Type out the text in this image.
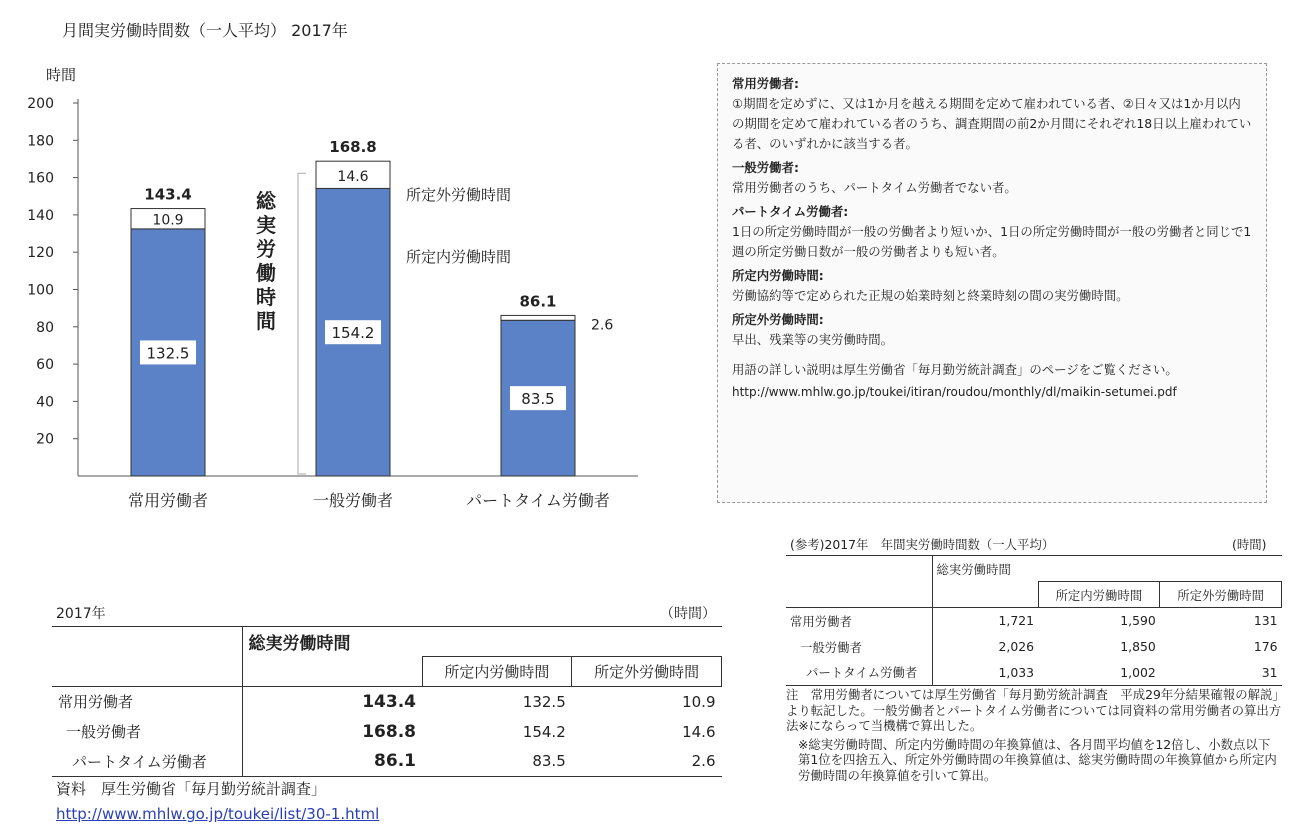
月間実労働時間数（一人平均） 2017年
時間
20
40
60
80
100
120
140
160
180
200
132.5
10.9
143.4
常用労働者
154.2
14.6
168.8
一般労働者
83.5
2.6
86.1
パートタイム労働者
所定外労働時間
所定内労働時間
総実労働時間
常用労働者:
①期間を定めずに、又は1か月を越える期間を定めて雇われている者、②日々又は1か月以内の期間を定めて雇われている者のうち、調査期間の前2か月間にそれぞれ18日以上雇われている者、のいずれかに該当する者。
一般労働者:
常用労働者のうち、パートタイム労働者でない者。
パートタイム労働者:
1日の所定労働時間が一般の労働者より短いか、1日の所定労働時間が一般の労働者と同じで1週の所定労働日数が一般の労働者よりも短い者。
所定内労働時間:
労働協約等で定められた正規の始業時刻と終業時刻の間の実労働時間。
所定外労働時間:
早出、残業等の実労働時間。
用語の詳しい説明は厚生労働省「毎月勤労統計調査」のページをご覧ください。
http://www.mhlw.go.jp/toukei/itiran/roudou/monthly/dl/maikin-setumei.pdf
2017年	（時間）
	総実労働時間		
		所定内労働時間	所定外労働時間
常用労働者	143.4	132.5	10.9
一般労働者	168.8	154.2	14.6
パートタイム労働者	86.1	83.5	2.6
資料　厚生労働省「毎月勤労統計調査」
http://www.mhlw.go.jp/toukei/list/30-1.html
(参考)2017年　年間実労働時間数（一人平均）	(時間)
	総実労働時間		
		所定内労働時間	所定外労働時間
常用労働者	1,721	1,590	131
一般労働者	2,026	1,850	176
パートタイム労働者	1,033	1,002	31
注　常用労働者については厚生労働省「毎月勤労統計調査　平成29年分結果確報の解説」より転記した。一般労働者とパートタイム労働者については同資料の常用労働者の算出方法※にならって当機構で算出した。
※総実労働時間、所定内労働時間の年換算値は、各月間平均値を12倍し、小数点以下第1位を四捨五入、所定外労働時間の年換算値は、総実労働時間の年換算値から所定内労働時間の年換算値を引いて算出。
